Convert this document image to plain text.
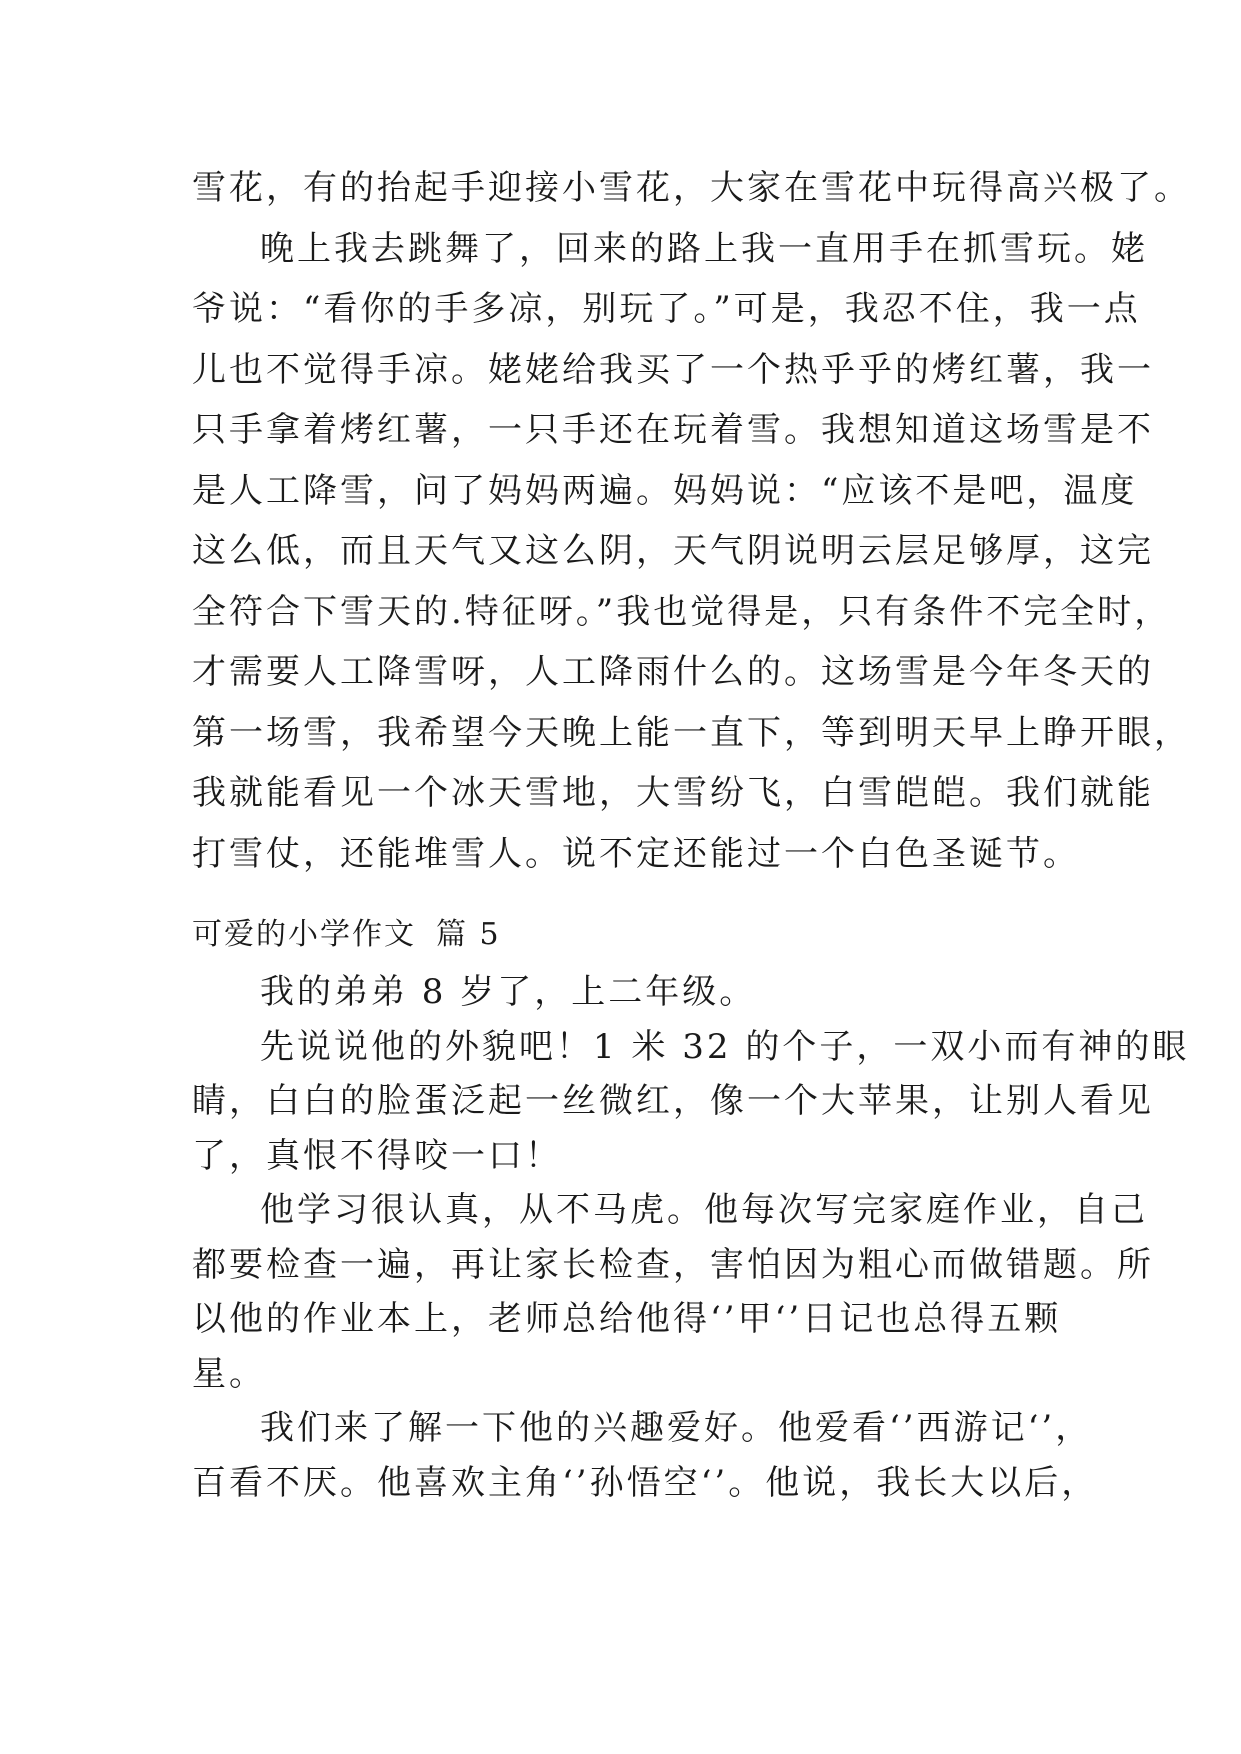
雪花，有的抬起手迎接小雪花，大家在雪花中玩得高兴极了。

晚上我去跳舞了，回来的路上我一直用手在抓雪玩。姥

爷说：“看你的手多凉，别玩了。”可是，我忍不住，我一点

儿也不觉得手凉。姥姥给我买了一个热乎乎的烤红薯，我一

只手拿着烤红薯，一只手还在玩着雪。我想知道这场雪是不

是人工降雪，问了妈妈两遍。妈妈说：“应该不是吧，温度

这么低，而且天气又这么阴，天气阴说明云层足够厚，这完

全符合下雪天的.特征呀。”我也觉得是，只有条件不完全时，

才需要人工降雪呀，人工降雨什么的。这场雪是今年冬天的

第一场雪，我希望今天晚上能一直下，等到明天早上睁开眼，

我就能看见一个冰天雪地，大雪纷飞，白雪皑皑。我们就能

打雪仗，还能堆雪人。说不定还能过一个白色圣诞节。

可爱的小学作文 篇 5

我的弟弟 8 岁了，上二年级。

先说说他的外貌吧！1 米 32 的个子，一双小而有神的眼

睛，白白的脸蛋泛起一丝微红，像一个大苹果，让别人看见

了，真恨不得咬一口！

他学习很认真，从不马虎。他每次写完家庭作业，自己

都要检查一遍，再让家长检查，害怕因为粗心而做错题。所

以他的作业本上，老师总给他得‘’甲‘’日记也总得五颗

星。

我们来了解一下他的兴趣爱好。他爱看‘’西游记‘’，

百看不厌。他喜欢主角‘’孙悟空‘’。他说，我长大以后，
